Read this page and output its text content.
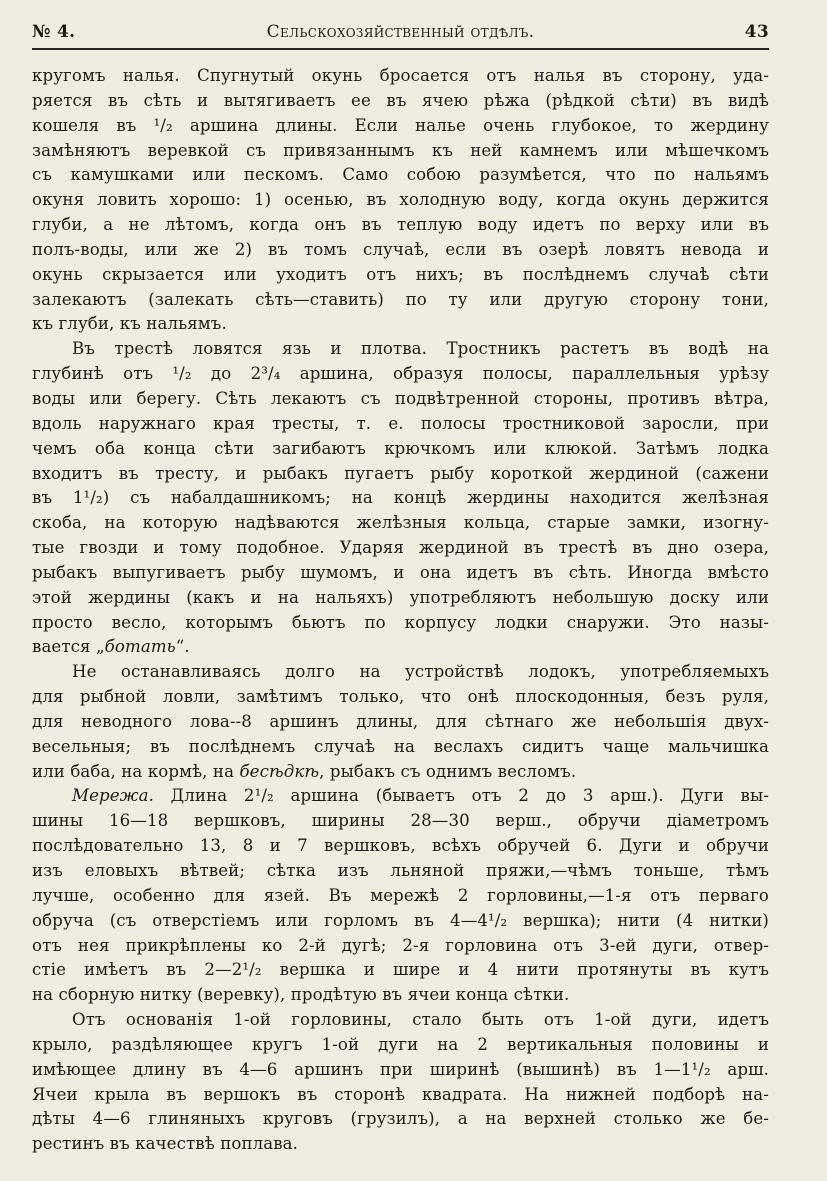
№ 4.	Сельскохозяйственный отдѣлъ.	43
кругомъ налья. Спугнутый окунь бросается отъ налья въ сторону, уда-
ряется въ сѣть и вытягиваетъ ее въ ячею рѣжа (рѣдкой сѣти) въ видѣ
кошеля въ ¹/₂ аршина длины. Если налье очень глубокое, то жердину
замѣняютъ веревкой съ привязаннымъ къ ней камнемъ или мѣшечкомъ
съ камушками или пескомъ. Само собою разумѣется, что по нальямъ
окуня ловить хорошо: 1) осенью, въ холодную воду, когда окунь держится
глуби, а не лѣтомъ, когда онъ въ теплую воду идетъ по верху или въ
полъ-воды, или же 2) въ томъ случаѣ, если въ озерѣ ловятъ невода и
окунь скрызается или уходитъ отъ нихъ; въ послѣднемъ случаѣ сѣти
залекаютъ (залекать сѣть—ставить) по ту или другую сторону тони,
къ глуби, къ нальямъ.
Въ трестѣ ловятся язь и плотва. Тростникъ растетъ въ водѣ на
глубинѣ отъ ¹/₂ до 2³/₄ аршина, образуя полосы, параллельныя урѣзу
воды или берегу. Сѣть лекаютъ съ подвѣтренной стороны, противъ вѣтра,
вдоль наружнаго края тресты, т. е. полосы тростниковой заросли, при
чемъ оба конца сѣти загибаютъ крючкомъ или клюкой. Затѣмъ лодка
входитъ въ тресту, и рыбакъ пугаетъ рыбу короткой жердиной (сажени
въ 1¹/₂) съ набалдашникомъ; на концѣ жердины находится желѣзная
скоба, на которую надѣваются желѣзныя кольца, старые замки, изогну-
тые гвозди и тому подобное. Ударяя жердиной въ трестѣ въ дно озера,
рыбакъ выпугиваетъ рыбу шумомъ, и она идетъ въ сѣть. Иногда вмѣсто
этой жердины (какъ и на нальяхъ) употребляютъ небольшую доску или
просто весло, которымъ бьютъ по корпусу лодки снаружи. Это назы-
вается „ботать“.
Не останавливаясь долго на устройствѣ лодокъ, употребляемыхъ
для рыбной ловли, замѣтимъ только, что онѣ плоскодонныя, безъ руля,
для неводного лова--8 аршинъ длины, для сѣтнаго же небольшія двух-
весельныя; въ послѣднемъ случаѣ на веслахъ сидитъ чаще мальчишка
или баба, на кормѣ, на бесѣдкѣ, рыбакъ съ однимъ весломъ.
Мережа. Длина 2¹/₂ аршина (бываетъ отъ 2 до 3 арш.). Дуги вы-
шины 16—18 вершковъ, ширины 28—30 верш., обручи діаметромъ
послѣдовательно 13, 8 и 7 вершковъ, всѣхъ обручей 6. Дуги и обручи
изъ еловыхъ вѣтвей; сѣтка изъ льняной пряжи,—чѣмъ тоньше, тѣмъ
лучше, особенно для язей. Въ мережѣ 2 горловины,—1-я отъ перваго
обруча (съ отверстіемъ или горломъ въ 4—4¹/₂ вершка); нити (4 нитки)
отъ нея прикрѣплены ко 2-й дугѣ; 2-я горловина отъ 3-ей дуги, отвер-
стіе имѣетъ въ 2—2¹/₂ вершка и шире и 4 нити протянуты въ кутъ
на сборную нитку (веревку), продѣтую въ ячеи конца сѣтки.
Отъ основанія 1-ой горловины, стало быть отъ 1-ой дуги, идетъ
крыло, раздѣляющее кругъ 1-ой дуги на 2 вертикальныя половины и
имѣющее длину въ 4—6 аршинъ при ширинѣ (вышинѣ) въ 1—1¹/₂ арш.
Ячеи крыла въ вершокъ въ сторонѣ квадрата. На нижней подборѣ на-
дѣты 4—6 глиняныхъ круговъ (грузилъ), а на верхней столько же бе-
рестинъ въ качествѣ поплава.
